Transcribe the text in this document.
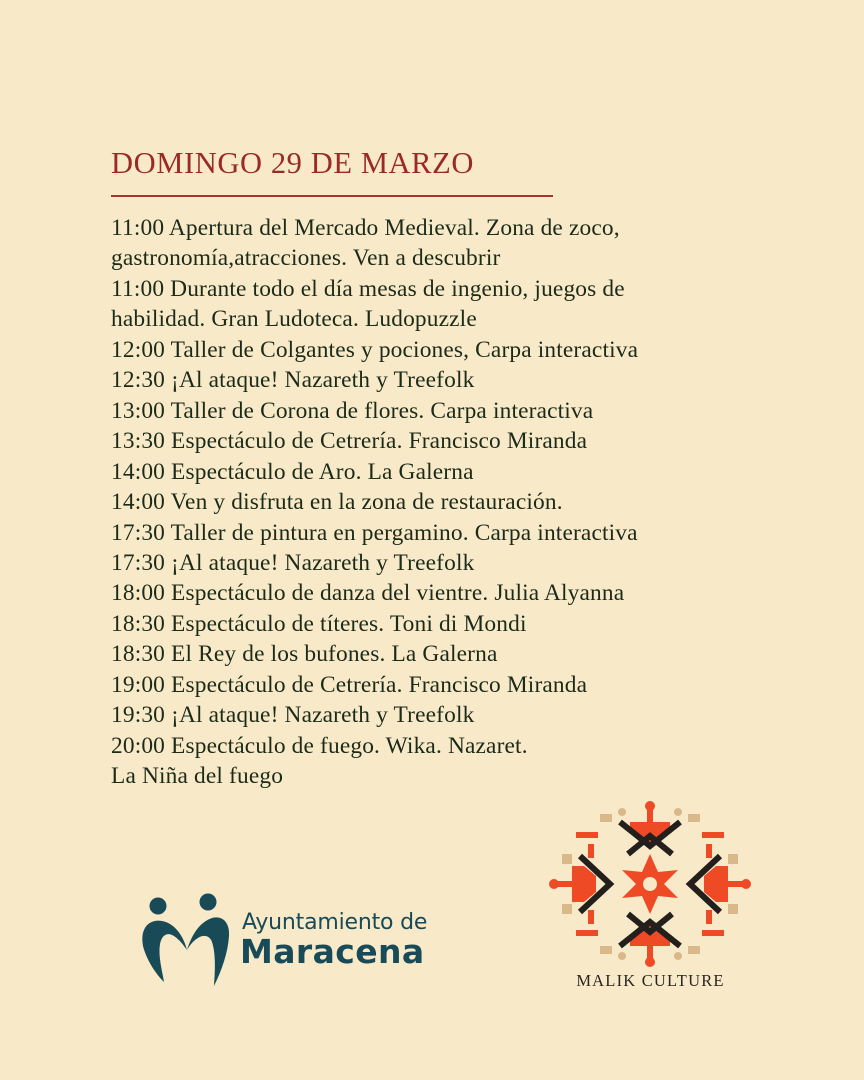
DOMINGO 29 DE MARZO
11:00 Apertura del Mercado Medieval. Zona de zoco,
gastronomía,atracciones. Ven a descubrir
11:00 Durante todo el día mesas de ingenio, juegos de
habilidad. Gran Ludoteca. Ludopuzzle
12:00 Taller de Colgantes y pociones, Carpa interactiva
12:30 ¡Al ataque! Nazareth y Treefolk
13:00 Taller de Corona de flores. Carpa interactiva
13:30 Espectáculo de Cetrería. Francisco Miranda
14:00 Espectáculo de Aro. La Galerna
14:00 Ven y disfruta en la zona de restauración.
17:30 Taller de pintura en pergamino. Carpa interactiva
17:30 ¡Al ataque! Nazareth y Treefolk
18:00 Espectáculo de danza del vientre. Julia Alyanna
18:30 Espectáculo de títeres. Toni di Mondi
18:30 El Rey de los bufones. La Galerna
19:00 Espectáculo de Cetrería. Francisco Miranda
19:30 ¡Al ataque! Nazareth y Treefolk
20:00 Espectáculo de fuego. Wika. Nazaret.
La Niña del fuego
Ayuntamiento de
Maracena
MALIK CULTURE
